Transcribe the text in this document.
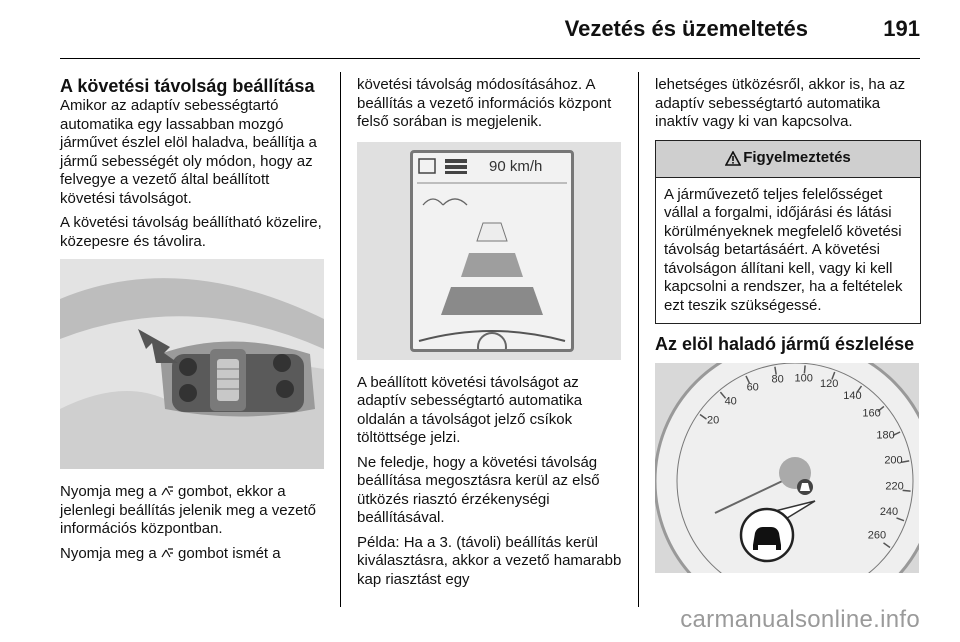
Vezetés és üzemeltetés	191
A követési távolság beállítása

Amikor az adaptív sebességtartó automatika egy lassabban mozgó járművet észlel elöl haladva, beállítja a jármű sebességét oly módon, hogy az felvegye a vezető által beállított követési távolságot.

A követési távolság beállítható közelire, közepesre és távolira.

Nyomja meg a  gombot, ekkor a jelenlegi beállítás jelenik meg a vezető információs központban.

Nyomja meg a  gombot ismét a

követési távolság módosításához. A beállítás a vezető információs központ felső sorában is megjelenik.

90 km/h

A beállított követési távolságot az adaptív sebességtartó automatika oldalán a távolságot jelző csíkok töltöttsége jelzi.

Ne feledje, hogy a követési távolság beállítása megosztásra kerül az első ütközés riasztó érzékenységi beállításával.

Példa: Ha a 3. (távoli) beállítás kerül kiválasztásra, akkor a vezető hamarabb kap riasztást egy

lehetséges ütközésről, akkor is, ha az adaptív sebességtartó automatika inaktív vagy ki van kapcsolva.

Figyelmeztetés
A járművezető teljes felelősséget vállal a forgalmi, időjárási és látási körülményeknek megfelelő követési távolság betartásáért. A követési távolságon állítani kell, vagy ki kell kapcsolni a rendszer, ha a feltételek ezt teszik szükségessé.
Az elöl haladó jármű észlelése
20
40
60
80 100 120
140
160
180
200
220
240
260
carmanualsonline.info
